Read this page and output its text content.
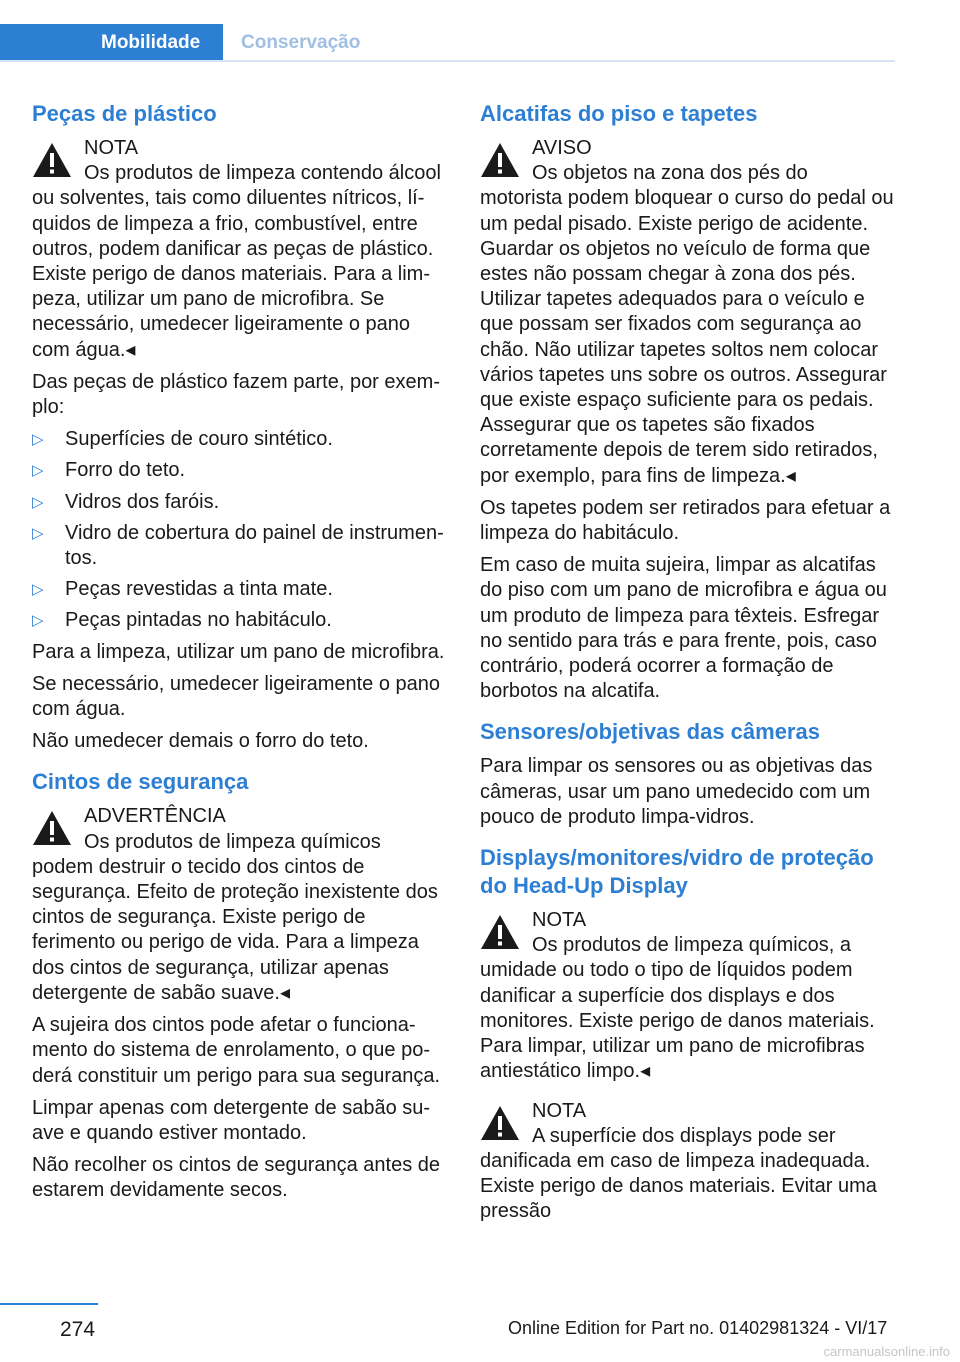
Mobilidade	Conservação
Peças de plástico
NOTA
Os produtos de limpeza contendo álcool ou solventes, tais como diluentes nítricos, líquidos de limpeza a frio, combustível, entre outros, podem danificar as peças de plástico. Existe perigo de danos materiais. Para a limpeza, utilizar um pano de microfibra. Se necessário, umedecer ligeiramente o pano com água.◂

Das peças de plástico fazem parte, por exemplo:

▷ Superfícies de couro sintético.
▷ Forro do teto.
▷ Vidros dos faróis.
▷ Vidro de cobertura do painel de instrumentos.
▷ Peças revestidas a tinta mate.
▷ Peças pintadas no habitáculo.

Para a limpeza, utilizar um pano de microfibra.

Se necessário, umedecer ligeiramente o pano com água.

Não umedecer demais o forro do teto.

Cintos de segurança
ADVERTÊNCIA
Os produtos de limpeza químicos podem destruir o tecido dos cintos de segurança. Efeito de proteção inexistente dos cintos de segurança. Existe perigo de ferimento ou perigo de vida. Para a limpeza dos cintos de segurança, utilizar apenas detergente de sabão suave.◂

A sujeira dos cintos pode afetar o funcionamento do sistema de enrolamento, o que poderá constituir um perigo para sua segurança.

Limpar apenas com detergente de sabão suave e quando estiver montado.

Não recolher os cintos de segurança antes de estarem devidamente secos.

Alcatifas do piso e tapetes
AVISO
Os objetos na zona dos pés do motorista podem bloquear o curso do pedal ou um pedal pisado. Existe perigo de acidente. Guardar os objetos no veículo de forma que estes não possam chegar à zona dos pés. Utilizar tapetes adequados para o veículo e que possam ser fixados com segurança ao chão. Não utilizar tapetes soltos nem colocar vários tapetes uns sobre os outros. Assegurar que existe espaço suficiente para os pedais. Assegurar que os tapetes são fixados corretamente depois de terem sido retirados, por exemplo, para fins de limpeza.◂

Os tapetes podem ser retirados para efetuar a limpeza do habitáculo.

Em caso de muita sujeira, limpar as alcatifas do piso com um pano de microfibra e água ou um produto de limpeza para têxteis. Esfregar no sentido para trás e para frente, pois, caso contrário, poderá ocorrer a formação de borbotos na alcatifa.

Sensores/objetivas das câmeras

Para limpar os sensores ou as objetivas das câmeras, usar um pano umedecido com um pouco de produto limpa-vidros.

Displays/monitores/vidro de proteção do Head-Up Display
NOTA
Os produtos de limpeza químicos, a umidade ou todo o tipo de líquidos podem danificar a superfície dos displays e dos monitores. Existe perigo de danos materiais. Para limpar, utilizar um pano de microfibras antiestático limpo.◂
NOTA
A superfície dos displays pode ser danificada em caso de limpeza inadequada. Existe perigo de danos materiais. Evitar uma pressão
274	Online Edition for Part no. 01402981324 - VI/17
carmanualsonline.info
